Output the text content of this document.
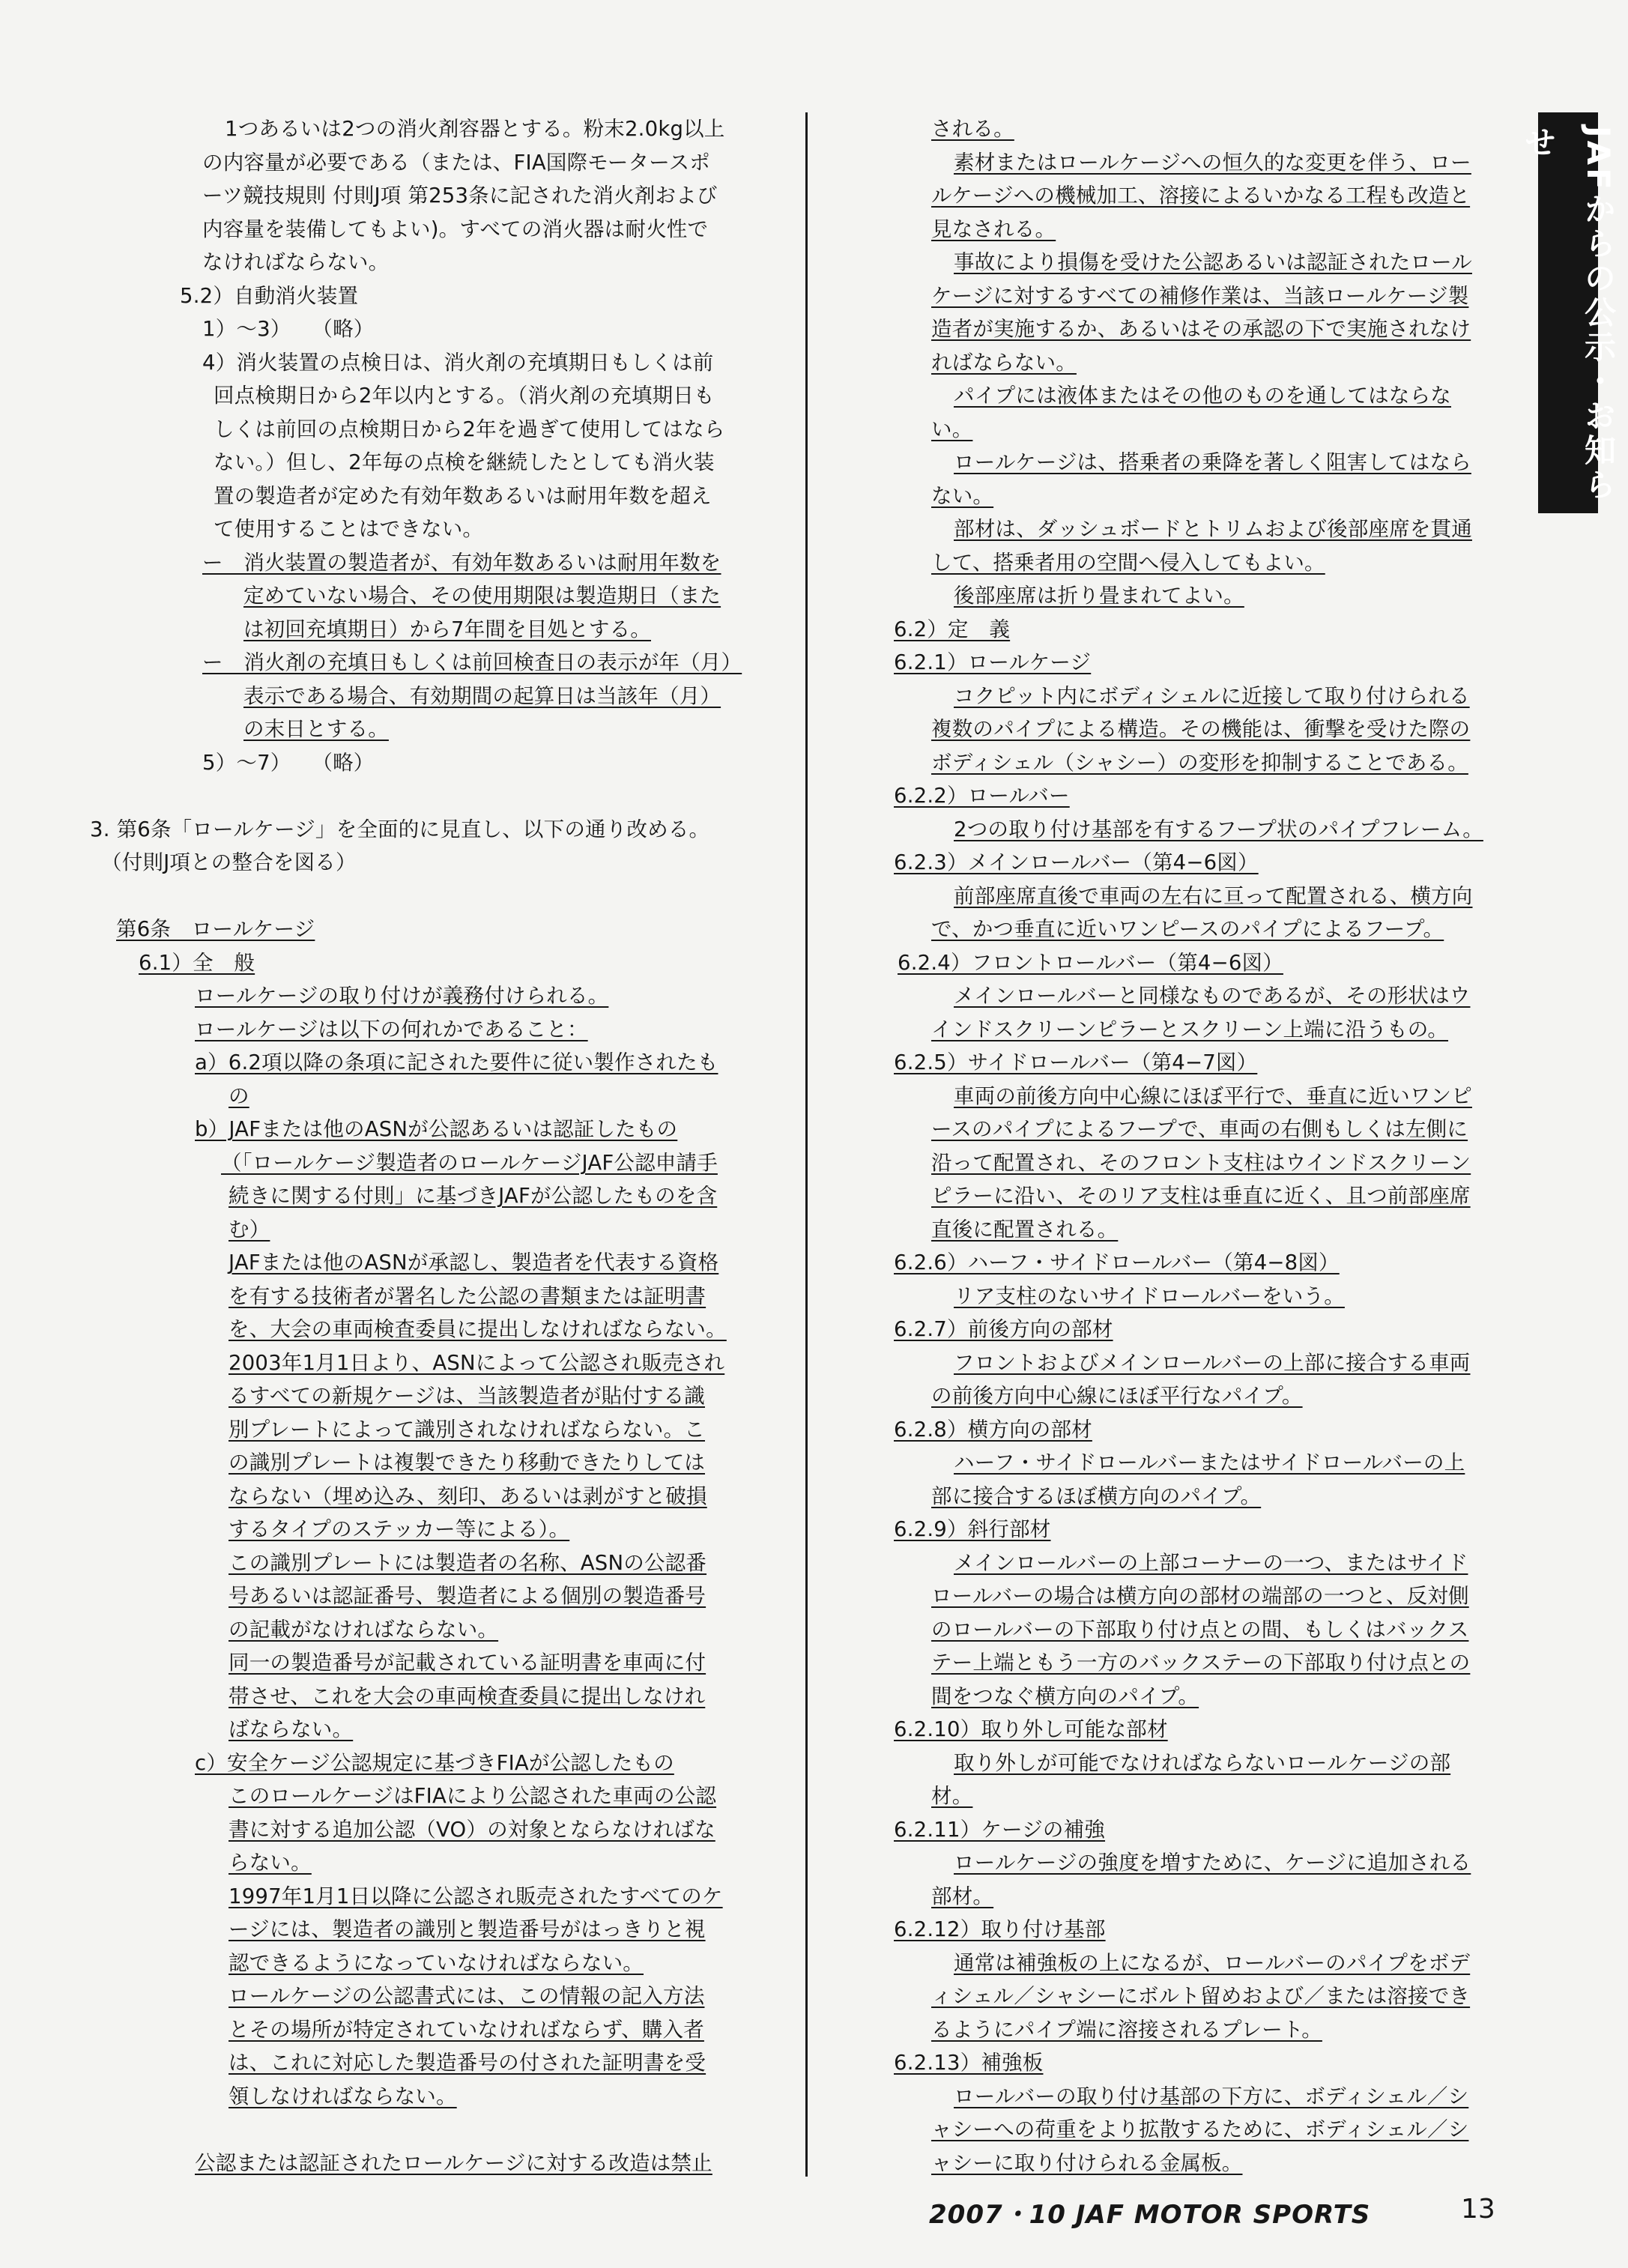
1つあるいは2つの消火剤容器とする。粉末2.0kg以上

の内容量が必要である（または、FIA国際モータースポ

ーツ競技規則 付則J項 第253条に記された消火剤および

内容量を装備してもよい)。すべての消火器は耐火性で

なければならない。

5.2）自動消火装置

1）～3）　　（略）

4）消火装置の点検日は、消火剤の充填期日もしくは前

回点検期日から2年以内とする。（消火剤の充填期日も

しくは前回の点検期日から2年を過ぎて使用してはなら

ない。）但し、2年毎の点検を継続したとしても消火装

置の製造者が定めた有効年数あるいは耐用年数を超え

て使用することはできない。

ー　消火装置の製造者が、有効年数あるいは耐用年数を

定めていない場合、その使用期限は製造期日（また

は初回充填期日）から7年間を目処とする。

ー　消火剤の充填日もしくは前回検査日の表示が年（月）

表示である場合、有効期間の起算日は当該年（月）

の末日とする。

5）～7）　　（略）

3. 第6条「ロールケージ」を全面的に見直し、以下の通り改める。

（付則J項との整合を図る）

第6条　ロールケージ

6.1）全　般

ロールケージの取り付けが義務付けられる。

ロールケージは以下の何れかであること：

a）6.2項以降の条項に記された要件に従い製作されたも

の

b）JAFまたは他のASNが公認あるいは認証したもの

（「ロールケージ製造者のロールケージJAF公認申請手

続きに関する付則」に基づきJAFが公認したものを含

む）

JAFまたは他のASNが承認し、製造者を代表する資格

を有する技術者が署名した公認の書類または証明書

を、大会の車両検査委員に提出しなければならない。

2003年1月1日より、ASNによって公認され販売され

るすべての新規ケージは、当該製造者が貼付する識

別プレートによって識別されなければならない。こ

の識別プレートは複製できたり移動できたりしては

ならない（埋め込み、刻印、あるいは剥がすと破損

するタイプのステッカー等による）。

この識別プレートには製造者の名称、ASNの公認番

号あるいは認証番号、製造者による個別の製造番号

の記載がなければならない。

同一の製造番号が記載されている証明書を車両に付

帯させ、これを大会の車両検査委員に提出しなけれ

ばならない。

c）安全ケージ公認規定に基づきFIAが公認したもの

このロールケージはFIAにより公認された車両の公認

書に対する追加公認（VO）の対象とならなければな

らない。

1997年1月1日以降に公認され販売されたすべてのケ

ージには、製造者の識別と製造番号がはっきりと視

認できるようになっていなければならない。

ロールケージの公認書式には、この情報の記入方法

とその場所が特定されていなければならず、購入者

は、これに対応した製造番号の付された証明書を受

領しなければならない。

公認または認証されたロールケージに対する改造は禁止

される。

素材またはロールケージへの恒久的な変更を伴う、ロー

ルケージへの機械加工、溶接によるいかなる工程も改造と

見なされる。

事故により損傷を受けた公認あるいは認証されたロール

ケージに対するすべての補修作業は、当該ロールケージ製

造者が実施するか、あるいはその承認の下で実施されなけ

ればならない。

パイプには液体またはその他のものを通してはならな

い。

ロールケージは、搭乗者の乗降を著しく阻害してはなら

ない。

部材は、ダッシュボードとトリムおよび後部座席を貫通

して、搭乗者用の空間へ侵入してもよい。

後部座席は折り畳まれてよい。

6.2）定　義

6.2.1）ロールケージ

コクピット内にボディシェルに近接して取り付けられる

複数のパイプによる構造。その機能は、衝撃を受けた際の

ボディシェル（シャシー）の変形を抑制することである。

6.2.2）ロールバー

2つの取り付け基部を有するフープ状のパイプフレーム。

6.2.3）メインロールバー（第4−6図）

前部座席直後で車両の左右に亘って配置される、横方向

で、かつ垂直に近いワンピースのパイプによるフープ。

6.2.4）フロントロールバー（第4−6図）

メインロールバーと同様なものであるが、その形状はウ

インドスクリーンピラーとスクリーン上端に沿うもの。

6.2.5）サイドロールバー（第4−7図）

車両の前後方向中心線にほぼ平行で、垂直に近いワンピ

ースのパイプによるフープで、車両の右側もしくは左側に

沿って配置され、そのフロント支柱はウインドスクリーン

ピラーに沿い、そのリア支柱は垂直に近く、且つ前部座席

直後に配置される。

6.2.6）ハーフ・サイドロールバー（第4−8図）

リア支柱のないサイドロールバーをいう。

6.2.7）前後方向の部材

フロントおよびメインロールバーの上部に接合する車両

の前後方向中心線にほぼ平行なパイプ。

6.2.8）横方向の部材

ハーフ・サイドロールバーまたはサイドロールバーの上

部に接合するほぼ横方向のパイプ。

6.2.9）斜行部材

メインロールバーの上部コーナーの一つ、またはサイド

ロールバーの場合は横方向の部材の端部の一つと、反対側

のロールバーの下部取り付け点との間、もしくはバックス

テー上端ともう一方のバックステーの下部取り付け点との

間をつなぐ横方向のパイプ。

6.2.10）取り外し可能な部材

取り外しが可能でなければならないロールケージの部

材。

6.2.11）ケージの補強

ロールケージの強度を増すために、ケージに追加される

部材。

6.2.12）取り付け基部

通常は補強板の上になるが、ロールバーのパイプをボデ

ィシェル／シャシーにボルト留めおよび／または溶接でき

るようにパイプ端に溶接されるプレート。

6.2.13）補強板

ロールバーの取り付け基部の下方に、ボディシェル／シ

ャシーへの荷重をより拡散するために、ボディシェル／シ

ャシーに取り付けられる金属板。

JAFからの公示・お知らせ
2007・10 JAF MOTOR SPORTS	13
